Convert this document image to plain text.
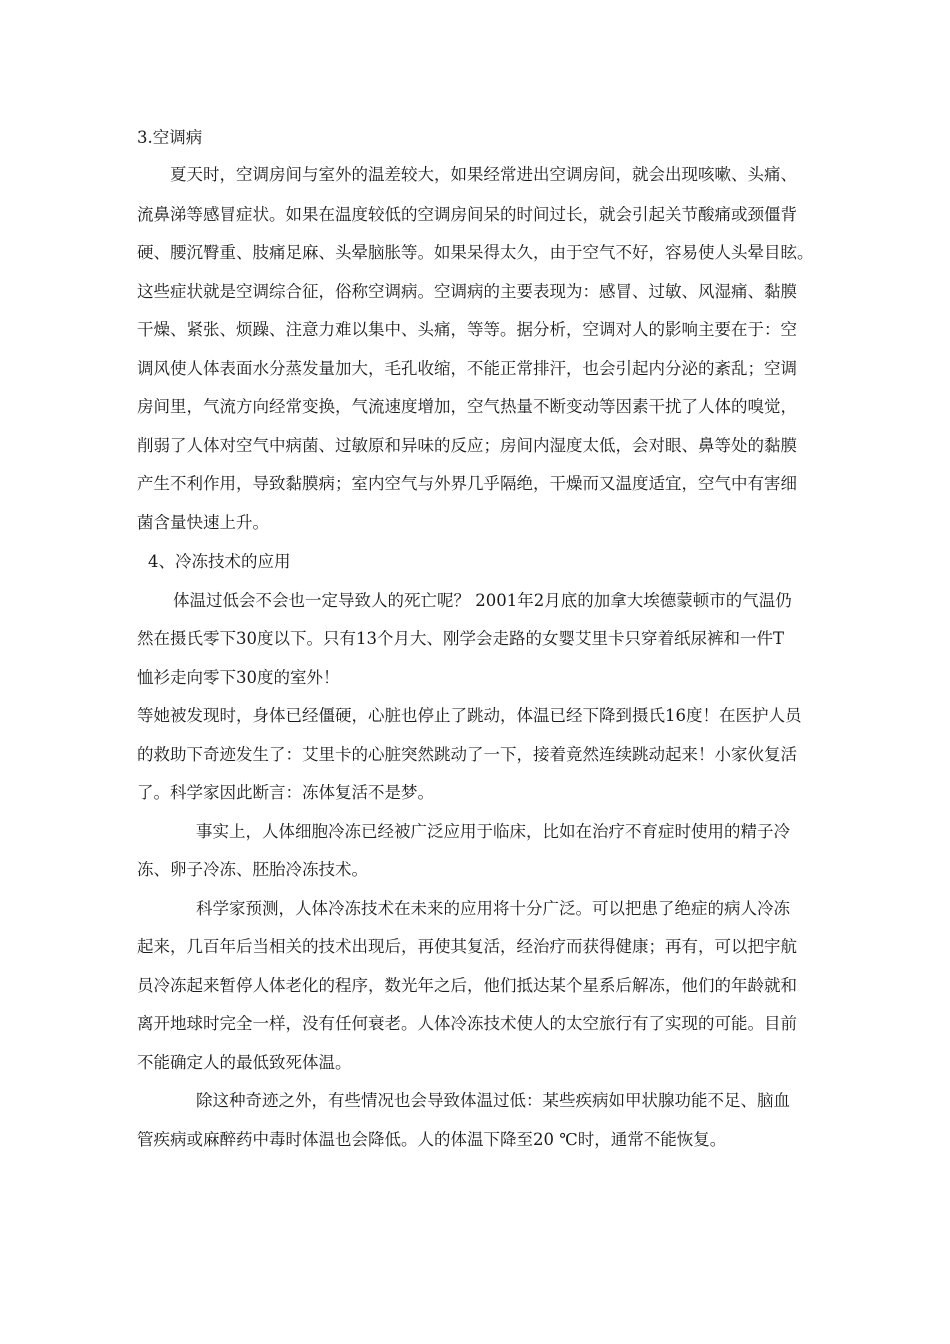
3.空调病
夏天时，空调房间与室外的温差较大，如果经常进出空调房间，就会出现咳嗽、头痛、
流鼻涕等感冒症状。如果在温度较低的空调房间呆的时间过长，就会引起关节酸痛或颈僵背
硬、腰沉臀重、肢痛足麻、头晕脑胀等。如果呆得太久，由于空气不好，容易使人头晕目眩。
这些症状就是空调综合征，俗称空调病。空调病的主要表现为：感冒、过敏、风湿痛、黏膜
干燥、紧张、烦躁、注意力难以集中、头痛，等等。据分析，空调对人的影响主要在于：空
调风使人体表面水分蒸发量加大，毛孔收缩，不能正常排汗，也会引起内分泌的紊乱；空调
房间里，气流方向经常变换，气流速度增加，空气热量不断变动等因素干扰了人体的嗅觉，
削弱了人体对空气中病菌、过敏原和异味的反应；房间内湿度太低，会对眼、鼻等处的黏膜
产生不利作用，导致黏膜病；室内空气与外界几乎隔绝，干燥而又温度适宜，空气中有害细
菌含量快速上升。
4、冷冻技术的应用
体温过低会不会也一定导致人的死亡呢？ 2001年2月底的加拿大埃德蒙顿市的气温仍
然在摄氏零下30度以下。只有13个月大、刚学会走路的女婴艾里卡只穿着纸尿裤和一件T
恤衫走向零下30度的室外！
等她被发现时，身体已经僵硬，心脏也停止了跳动，体温已经下降到摄氏16度！在医护人员
的救助下奇迹发生了：艾里卡的心脏突然跳动了一下，接着竟然连续跳动起来！小家伙复活
了。科学家因此断言：冻体复活不是梦。
事实上，人体细胞冷冻已经被广泛应用于临床，比如在治疗不育症时使用的精子冷
冻、卵子冷冻、胚胎冷冻技术。
科学家预测，人体冷冻技术在未来的应用将十分广泛。可以把患了绝症的病人冷冻
起来，几百年后当相关的技术出现后，再使其复活，经治疗而获得健康；再有，可以把宇航
员冷冻起来暂停人体老化的程序，数光年之后，他们抵达某个星系后解冻，他们的年龄就和
离开地球时完全一样，没有任何衰老。人体冷冻技术使人的太空旅行有了实现的可能。目前
不能确定人的最低致死体温。
除这种奇迹之外，有些情况也会导致体温过低：某些疾病如甲状腺功能不足、脑血
管疾病或麻醉药中毒时体温也会降低。人的体温下降至20 ℃时，通常不能恢复。
